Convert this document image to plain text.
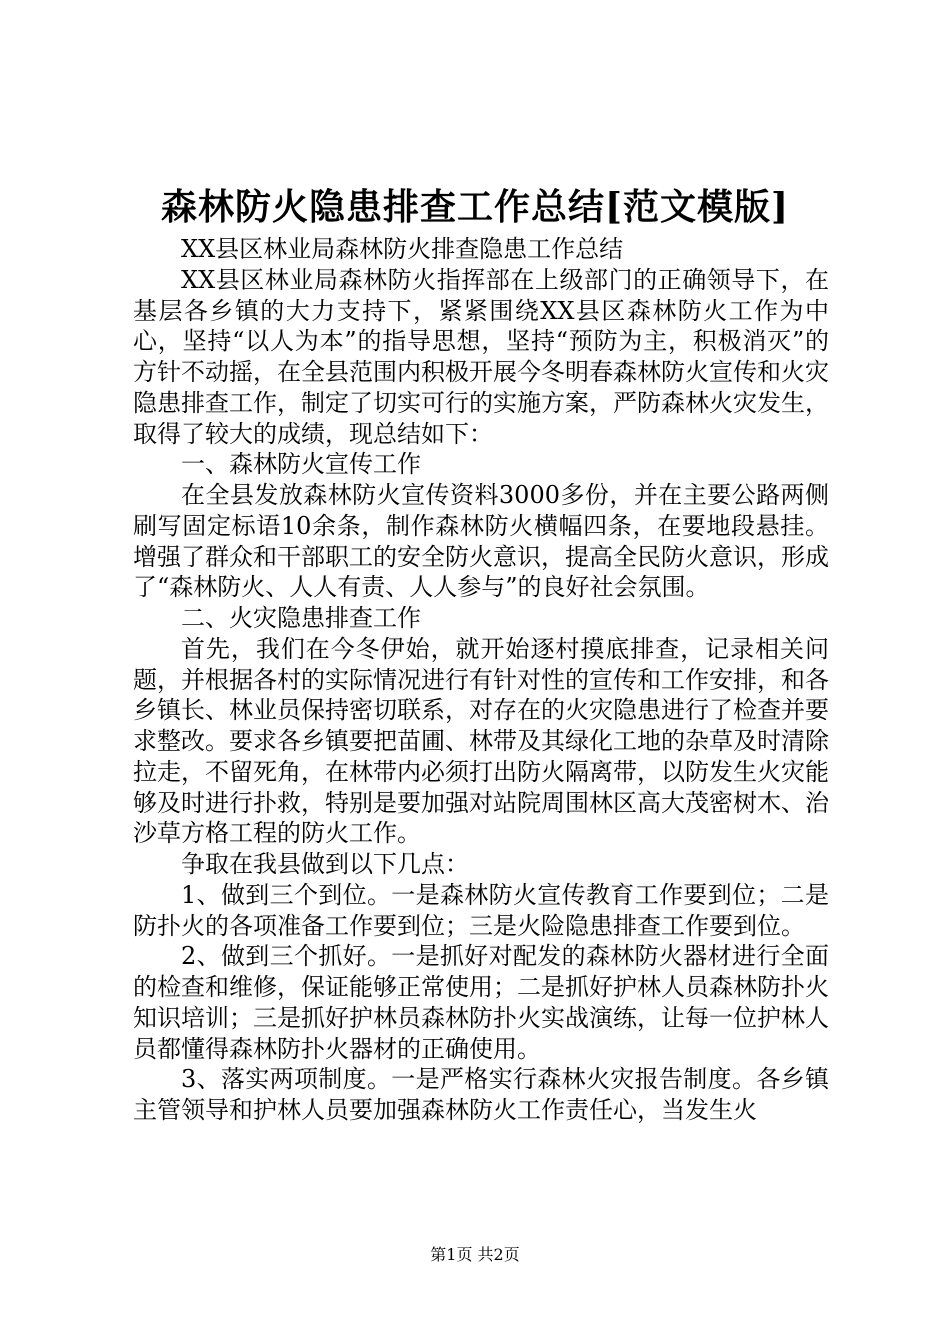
森林防火隐患排查工作总结[范文模版]

XX县区林业局森林防火排查隐患工作总结

XX县区林业局森林防火指挥部在上级部门的正确领导下，在基层各乡镇的大力支持下，紧紧围绕XX县区森林防火工作为中心，坚持“以人为本”的指导思想，坚持“预防为主，积极消灭”的方针不动摇，在全县范围内积极开展今冬明春森林防火宣传和火灾隐患排查工作，制定了切实可行的实施方案，严防森林火灾发生，取得了较大的成绩，现总结如下：

一、森林防火宣传工作

在全县发放森林防火宣传资料3000多份，并在主要公路两侧刷写固定标语10余条，制作森林防火横幅四条，在要地段悬挂。增强了群众和干部职工的安全防火意识，提高全民防火意识，形成了“森林防火、人人有责、人人参与”的良好社会氛围。

二、火灾隐患排查工作

首先，我们在今冬伊始，就开始逐村摸底排查，记录相关问题，并根据各村的实际情况进行有针对性的宣传和工作安排，和各乡镇长、林业员保持密切联系，对存在的火灾隐患进行了检查并要求整改。要求各乡镇要把苗圃、林带及其绿化工地的杂草及时清除拉走，不留死角，在林带内必须打出防火隔离带，以防发生火灾能够及时进行扑救，特别是要加强对站院周围林区高大茂密树木、治沙草方格工程的防火工作。

争取在我县做到以下几点：

1、做到三个到位。一是森林防火宣传教育工作要到位；二是防扑火的各项准备工作要到位；三是火险隐患排查工作要到位。

2、做到三个抓好。一是抓好对配发的森林防火器材进行全面的检查和维修，保证能够正常使用；二是抓好护林人员森林防扑火知识培训；三是抓好护林员森林防扑火实战演练，让每一位护林人员都懂得森林防扑火器材的正确使用。

3、落实两项制度。一是严格实行森林火灾报告制度。各乡镇主管领导和护林人员要加强森林防火工作责任心，当发生火

第1页 共2页
